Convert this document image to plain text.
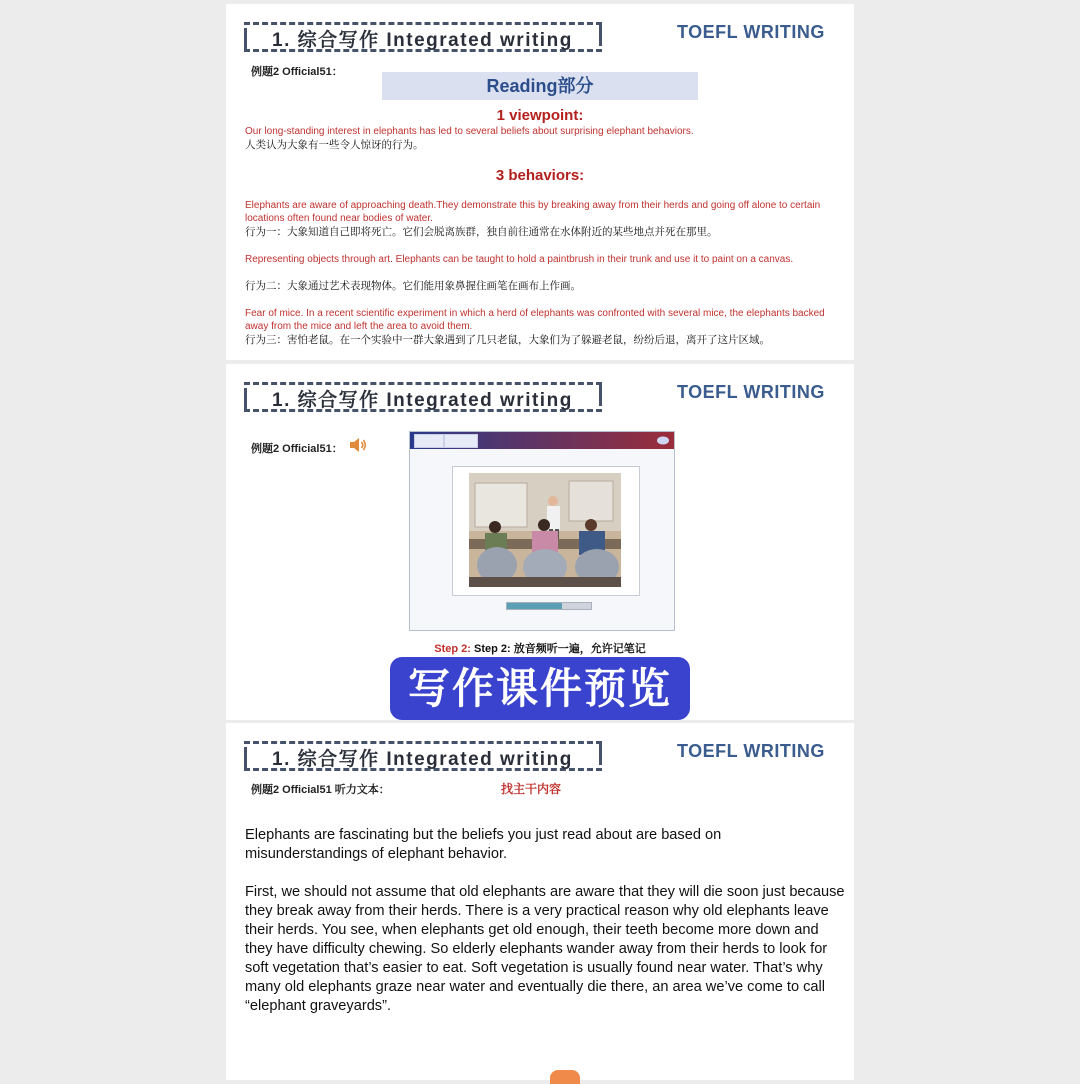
1. 综合写作 Integrated writing	TOEFL WRITING
例题2 Official51：
Reading部分
1 viewpoint:
Our long-standing interest in elephants has led to several beliefs about surprising elephant behaviors.
人类认为大象有一些令人惊讶的行为。
3 behaviors:
Elephants are aware of approaching death.They demonstrate this by breaking away from their herds and going off alone to certain locations often found near bodies of water.
行为一：大象知道自己即将死亡。它们会脱离族群，独自前往通常在水体附近的某些地点并死在那里。
Representing objects through art. Elephants can be taught to hold a paintbrush in their trunk and use it to paint on a canvas.
行为二：大象通过艺术表现物体。它们能用象鼻握住画笔在画布上作画。
Fear of mice. In a recent scientific experiment in which a herd of elephants was confronted with several mice, the elephants backed away from the mice and left the area to avoid them.
行为三：害怕老鼠。在一个实验中一群大象遇到了几只老鼠，大象们为了躲避老鼠，纷纷后退，离开了这片区域。
1. 综合写作 Integrated writing	TOEFL WRITING
例题2 Official51：
Step 2: Step 2: 放音频听一遍，允许记笔记
写作课件预览
1. 综合写作 Integrated writing	TOEFL WRITING
例题2 Official51 听力文本：	找主干内容
Elephants are fascinating but the beliefs you just read about are based on misunderstandings of elephant behavior.
First, we should not assume that old elephants are aware that they will die soon just because they break away from their herds. There is a very practical reason why old elephants leave their herds. You see, when elephants get old enough, their teeth become more down and they have difficulty chewing. So elderly elephants wander away from their herds to look for soft vegetation that’s easier to eat. Soft vegetation is usually found near water. That’s why many old elephants graze near water and eventually die there, an area we’ve come to call “elephant graveyards”.
